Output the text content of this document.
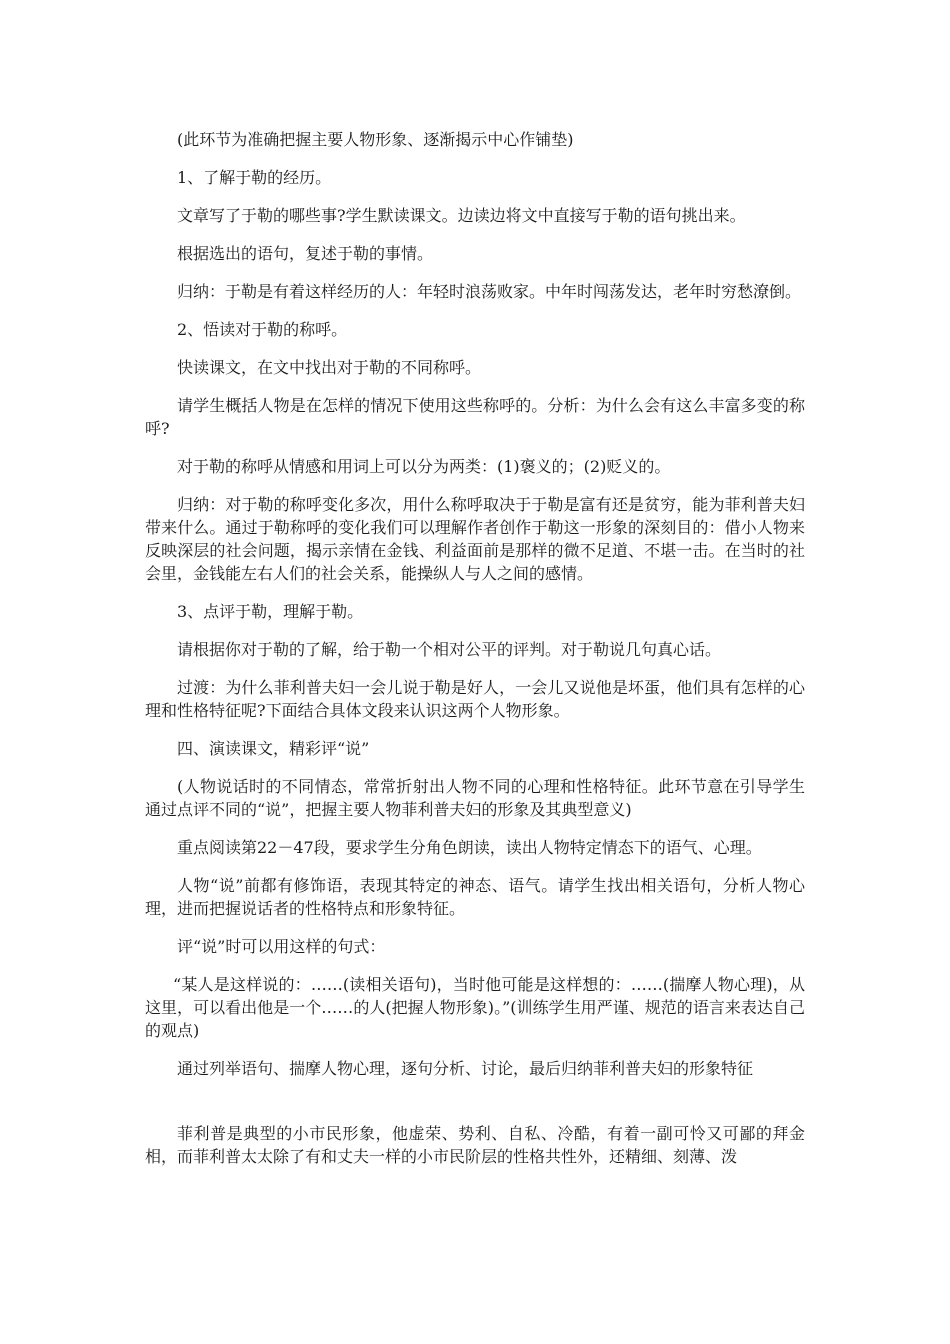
(此环节为准确把握主要人物形象、逐渐揭示中心作铺垫)

1、了解于勒的经历。

文章写了于勒的哪些事?学生默读课文。边读边将文中直接写于勒的语句挑出来。

根据选出的语句，复述于勒的事情。

归纳：于勒是有着这样经历的人：年轻时浪荡败家。中年时闯荡发达，老年时穷愁潦倒。

2、悟读对于勒的称呼。

快读课文，在文中找出对于勒的不同称呼。

请学生概括人物是在怎样的情况下使用这些称呼的。分析：为什么会有这么丰富多变的称呼?

对于勒的称呼从情感和用词上可以分为两类：(1)褒义的；(2)贬义的。

归纳：对于勒的称呼变化多次，用什么称呼取决于于勒是富有还是贫穷，能为菲利普夫妇带来什么。通过于勒称呼的变化我们可以理解作者创作于勒这一形象的深刻目的：借小人物来反映深层的社会问题，揭示亲情在金钱、利益面前是那样的微不足道、不堪一击。在当时的社会里，金钱能左右人们的社会关系，能操纵人与人之间的感情。

3、点评于勒，理解于勒。

请根据你对于勒的了解，给于勒一个相对公平的评判。对于勒说几句真心话。

过渡：为什么菲利普夫妇一会儿说于勒是好人，一会儿又说他是坏蛋，他们具有怎样的心理和性格特征呢?下面结合具体文段来认识这两个人物形象。

四、演读课文，精彩评“说”

(人物说话时的不同情态，常常折射出人物不同的心理和性格特征。此环节意在引导学生通过点评不同的“说”，把握主要人物菲利普夫妇的形象及其典型意义)

重点阅读第22－47段，要求学生分角色朗读，读出人物特定情态下的语气、心理。

人物“说”前都有修饰语，表现其特定的神态、语气。请学生找出相关语句，分析人物心理，进而把握说话者的性格特点和形象特征。

评“说”时可以用这样的句式：

“某人是这样说的：……(读相关语句)，当时他可能是这样想的：……(揣摩人物心理)，从这里，可以看出他是一个……的人(把握人物形象)。”(训练学生用严谨、规范的语言来表达自己的观点)

通过列举语句、揣摩人物心理，逐句分析、讨论，最后归纳菲利普夫妇的形象特征

菲利普是典型的小市民形象，他虚荣、势利、自私、冷酷，有着一副可怜又可鄙的拜金相，而菲利普太太除了有和丈夫一样的小市民阶层的性格共性外，还精细、刻薄、泼
